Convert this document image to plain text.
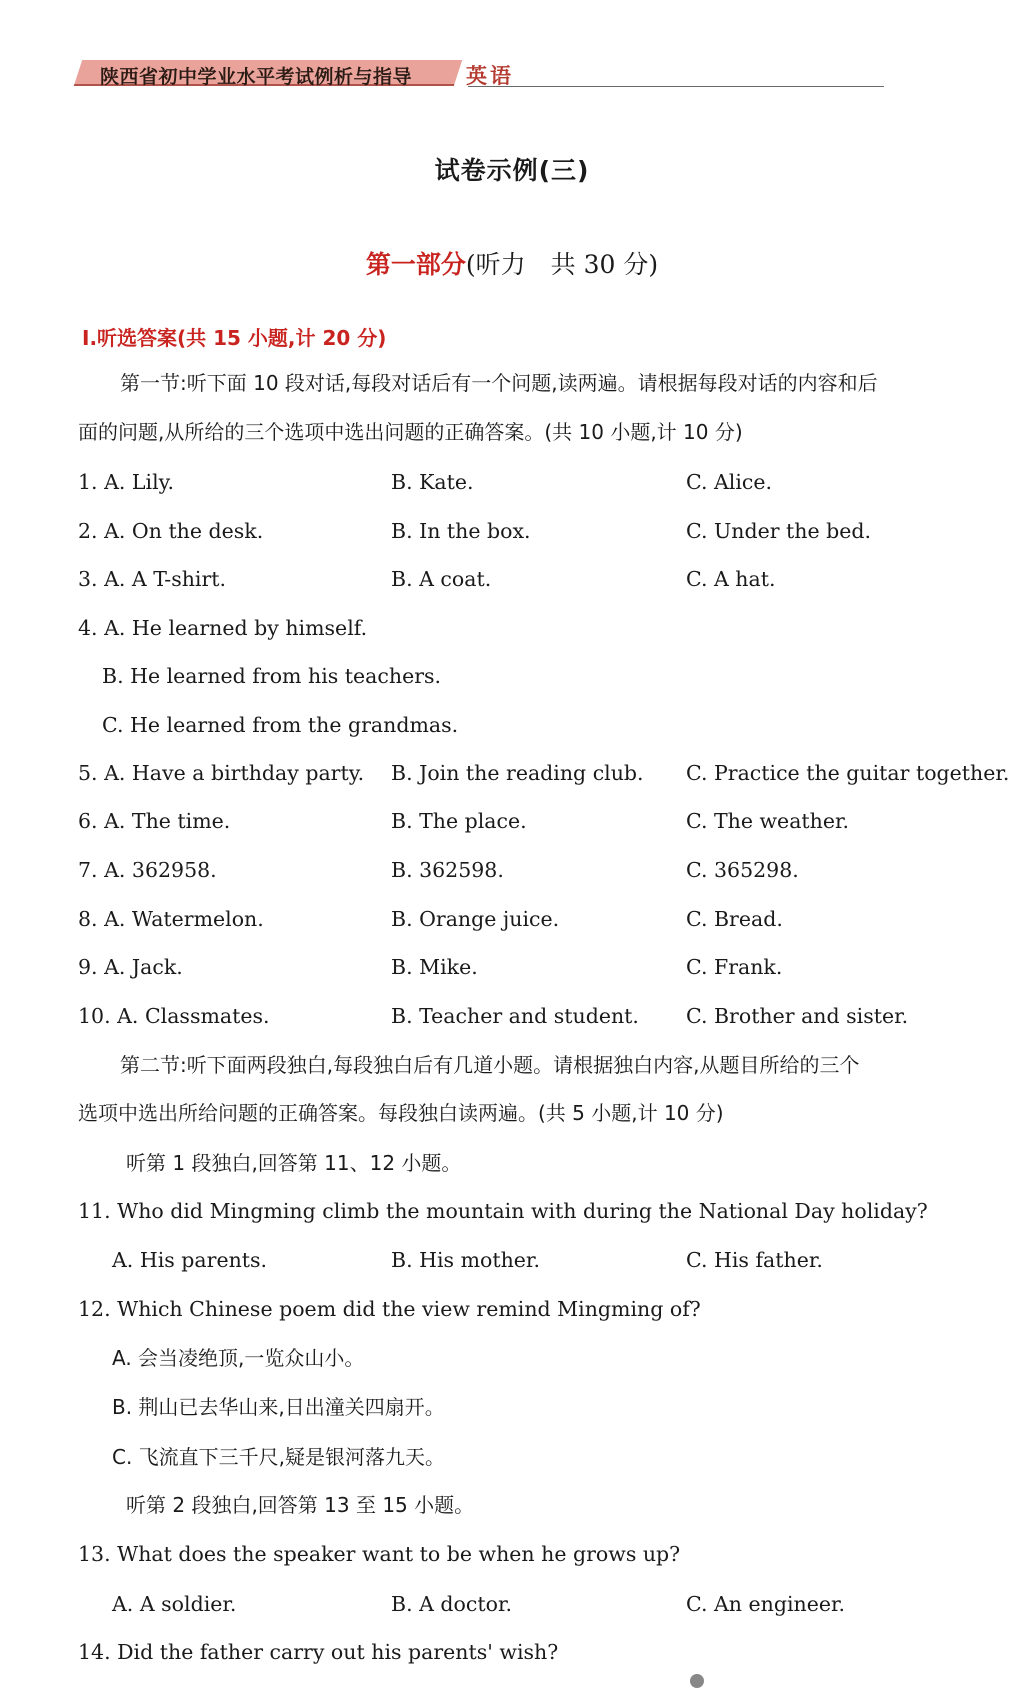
陕西省初中学业水平考试例析与指导	英语
试卷示例(三)
第一部分(听力　共 30 分)
Ⅰ.听选答案(共 15 小题,计 20 分)
第一节:听下面 10 段对话,每段对话后有一个问题,读两遍。请根据每段对话的内容和后
面的问题,从所给的三个选项中选出问题的正确答案。(共 10 小题,计 10 分)
1. A. Lily.	B. Kate.	C. Alice.
2. A. On the desk.	B. In the box.	C. Under the bed.
3. A. A T-shirt.	B. A coat.	C. A hat.
4. A. He learned by himself.
B. He learned from his teachers.
C. He learned from the grandmas.
5. A. Have a birthday party. B. Join the reading club. C. Practice the guitar together.
6. A. The time.	B. The place.	C. The weather.
7. A. 362958.	B. 362598.	C. 365298.
8. A. Watermelon.	B. Orange juice.	C. Bread.
9. A. Jack.	B. Mike.	C. Frank.
10. A. Classmates.	B. Teacher and student. C. Brother and sister.
第二节:听下面两段独白,每段独白后有几道小题。请根据独白内容,从题目所给的三个
选项中选出所给问题的正确答案。每段独白读两遍。(共 5 小题,计 10 分)
听第 1 段独白,回答第 11、12 小题。
11. Who did Mingming climb the mountain with during the National Day holiday?
A. His parents.	B. His mother.	C. His father.
12. Which Chinese poem did the view remind Mingming of?
A. 会当凌绝顶,一览众山小。
B. 荆山已去华山来,日出潼关四扇开。
C. 飞流直下三千尺,疑是银河落九天。
听第 2 段独白,回答第 13 至 15 小题。
13. What does the speaker want to be when he grows up?
A. A soldier.	B. A doctor.	C. An engineer.
14. Did the father carry out his parents' wish?
